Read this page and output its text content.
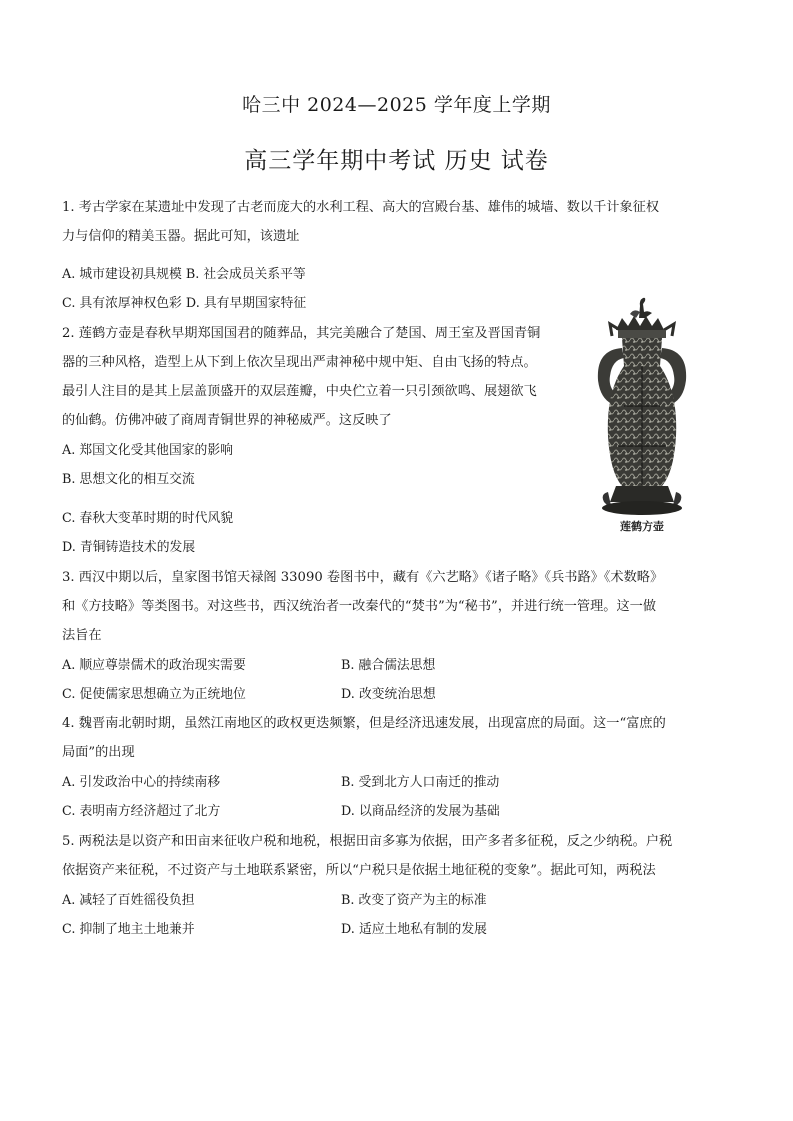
哈三中 2024—2025 学年度上学期
高三学年期中考试 历史 试卷
1. 考古学家在某遗址中发现了古老而庞大的水利工程、高大的宫殿台基、雄伟的城墙、数以千计象征权
力与信仰的精美玉器。据此可知，该遗址
A. 城市建设初具规模 B. 社会成员关系平等
C. 具有浓厚神权色彩 D. 具有早期国家特征
2. 莲鹤方壶是春秋早期郑国国君的随葬品，其完美融合了楚国、周王室及晋国青铜
器的三种风格，造型上从下到上依次呈现出严肃神秘中规中矩、自由飞扬的特点。
最引人注目的是其上层盖顶盛开的双层莲瓣，中央伫立着一只引颈欲鸣、展翅欲飞
的仙鹤。仿佛冲破了商周青铜世界的神秘威严。这反映了
A. 郑国文化受其他国家的影响
B. 思想文化的相互交流
C. 春秋大变革时期的时代风貌
D. 青铜铸造技术的发展
莲鹤方壶
3. 西汉中期以后，皇家图书馆天禄阁 33090 卷图书中，藏有《六艺略》《诸子略》《兵书路》《术数略》
和《方技略》等类图书。对这些书，西汉统治者一改秦代的“焚书”为“秘书”，并进行统一管理。这一做
法旨在
A. 顺应尊崇儒术的政治现实需要	B. 融合儒法思想
C. 促使儒家思想确立为正统地位	D. 改变统治思想
4. 魏晋南北朝时期，虽然江南地区的政权更迭频繁，但是经济迅速发展，出现富庶的局面。这一“富庶的
局面”的出现
A. 引发政治中心的持续南移	B. 受到北方人口南迁的推动
C. 表明南方经济超过了北方	D. 以商品经济的发展为基础
5. 两税法是以资产和田亩来征收户税和地税，根据田亩多寡为依据，田产多者多征税，反之少纳税。户税
依据资产来征税，不过资产与土地联系紧密，所以“户税只是依据土地征税的变象”。据此可知，两税法
A. 减轻了百姓徭役负担	B. 改变了资产为主的标准
C. 抑制了地主土地兼并	D. 适应土地私有制的发展
